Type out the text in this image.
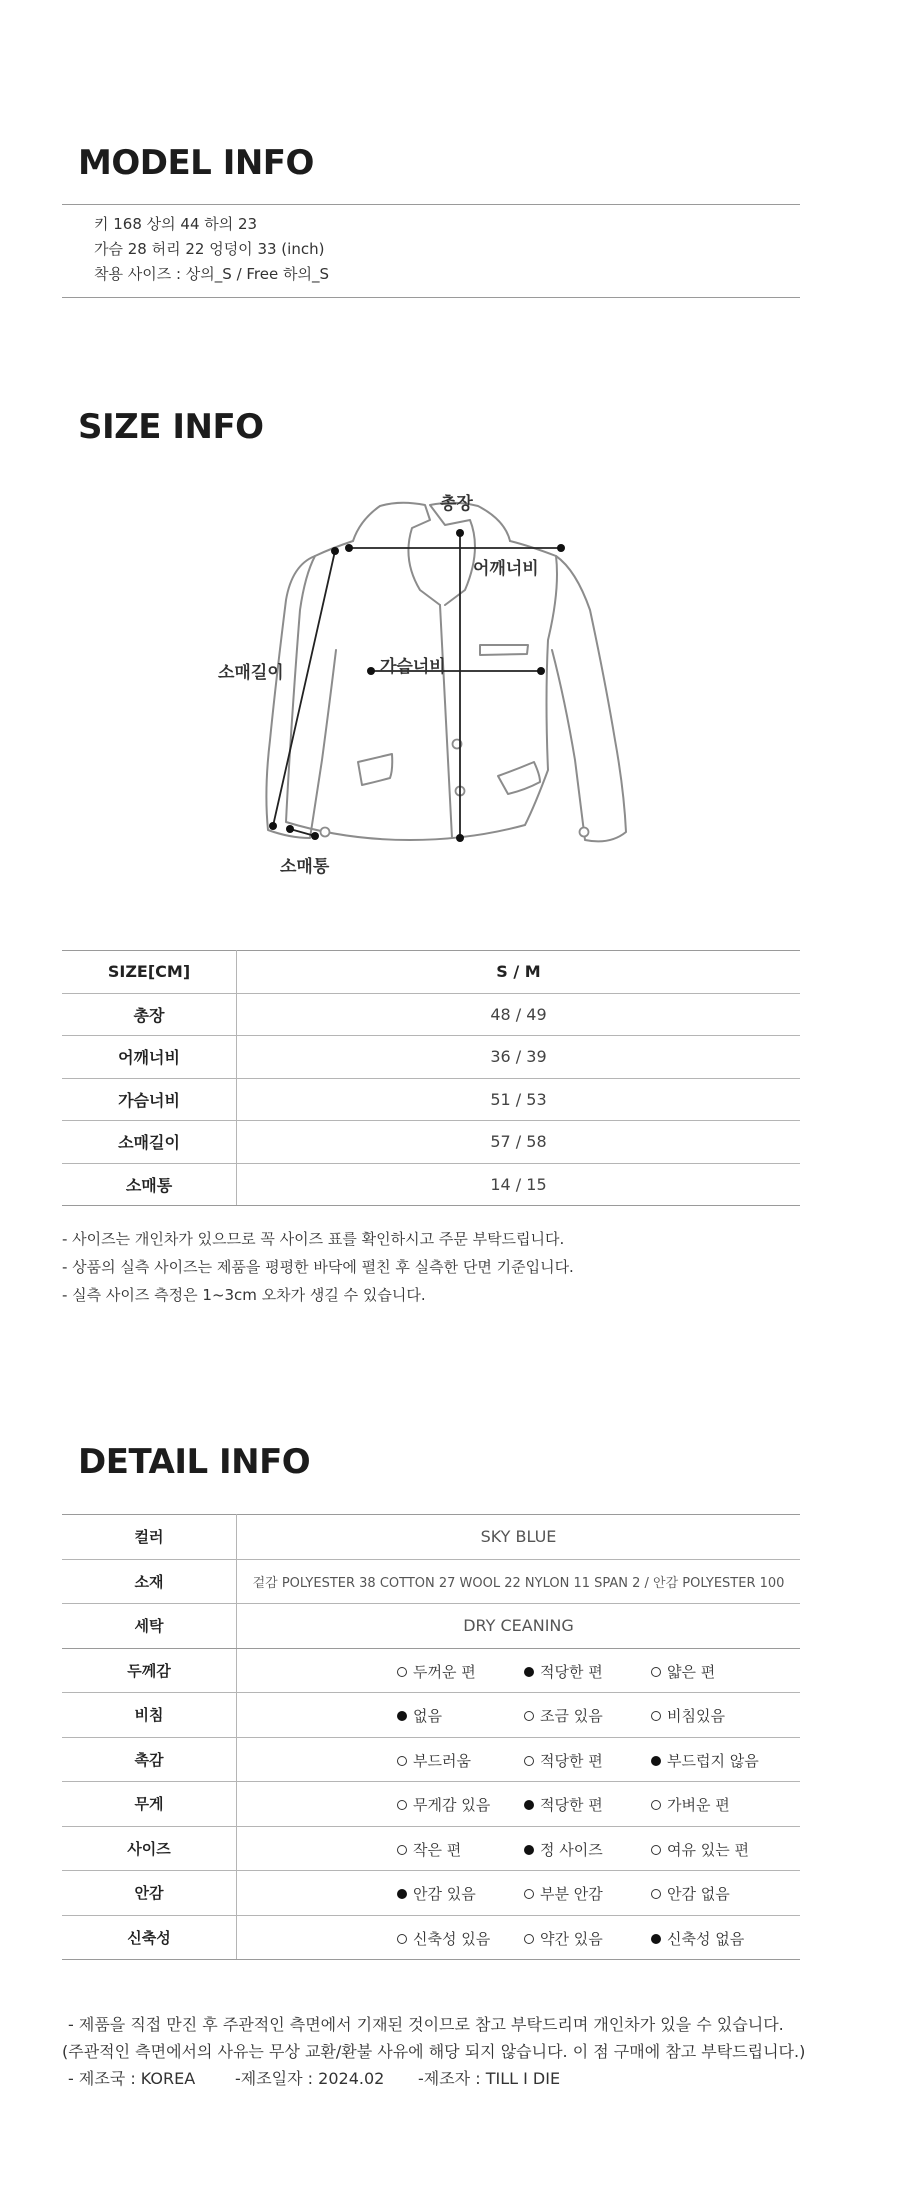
MODEL INFO
키 168 상의 44 하의 23
가슴 28 허리 22 엉덩이 33 (inch)
착용 사이즈 : 상의_S / Free 하의_S
SIZE INFO
총장
어깨너비
가슴너비
소매길이
소매통
SIZE[CM]	S / M
총장	48 / 49
어깨너비	36 / 39
가슴너비	51 / 53
소매길이	57 / 58
소매통	14 / 15
- 사이즈는 개인차가 있으므로 꼭 사이즈 표를 확인하시고 주문 부탁드립니다.
- 상품의 실측 사이즈는 제품을 평평한 바닥에 펼친 후 실측한 단면 기준입니다.
- 실측 사이즈 측정은 1~3cm 오차가 생길 수 있습니다.
DETAIL INFO
컬러	SKY BLUE
소재	겉감 POLYESTER 38 COTTON 27 WOOL 22 NYLON 11 SPAN 2 / 안감 POLYESTER 100
세탁	DRY CEANING
두께감	두꺼운 편 적당한 편 얇은 편

비침	없음 조금 있음 비침있음

촉감	부드러움 적당한 편 부드럽지 않음

무게	무게감 있음 적당한 편 가벼운 편

사이즈	작은 편 정 사이즈 여유 있는 편

안감	안감 있음 부분 안감 안감 없음

신축성	신축성 있음 약간 있음 신축성 없음
- 제품을 직접 만진 후 주관적인 측면에서 기재된 것이므로 참고 부탁드리며 개인차가 있을 수 있습니다.
(주관적인 측면에서의 사유는 무상 교환/환불 사유에 해당 되지 않습니다. 이 점 구매에 참고 부탁드립니다.)
- 제조국 : KOREA -제조일자 : 2024.02 -제조자 : TILL I DIE
